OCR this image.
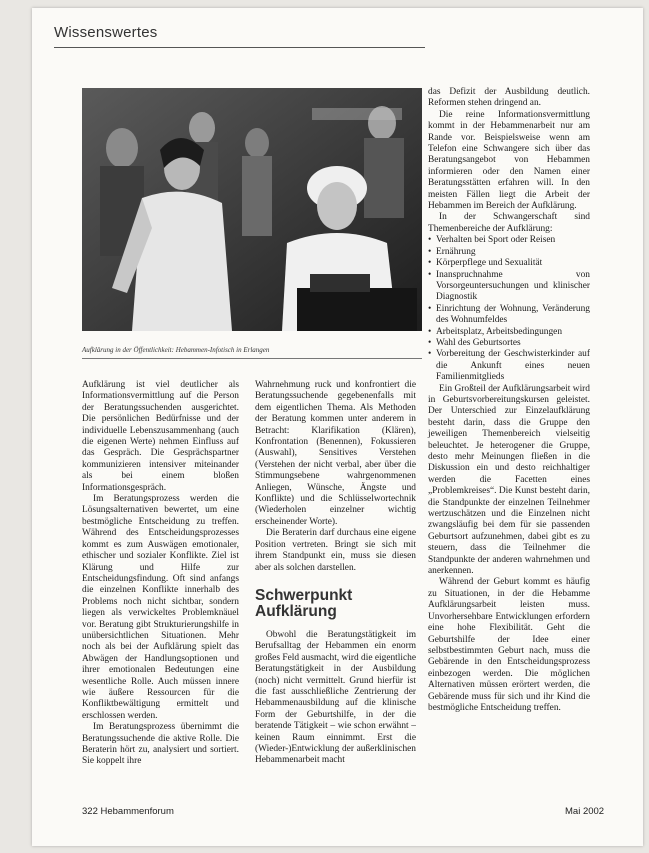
Wissenswertes
Aufklärung in der Öffentlichkeit: Hebammen-Infotisch in Erlangen

Aufklärung ist viel deutlicher als Informationsvermittlung auf die Person der Beratungssuchenden ausgerichtet. Die persönlichen Bedürfnisse und der individuelle Lebenszusammenhang (auch die eigenen Werte) nehmen Einfluss auf das Gespräch. Die Gesprächspartner kommunizieren intensiver miteinander als bei einem bloßen Informationsgespräch.

Im Beratungsprozess werden die Lösungsalternativen bewertet, um eine bestmögliche Entscheidung zu treffen. Während des Entscheidungsprozesses kommt es zum Auswägen emotionaler, ethischer und sozialer Konflikte. Ziel ist Klärung und Hilfe zur Entscheidungsfindung. Oft sind anfangs die einzelnen Konflikte innerhalb des Problems noch nicht sichtbar, sondern liegen als verwickeltes Problemknäuel vor. Beratung gibt Strukturierungshilfe in unübersichtlichen Situationen. Mehr noch als bei der Aufklärung spielt das Abwägen der Handlungsoptionen und ihrer emotionalen Bedeutungen eine wesentliche Rolle. Auch müssen innere wie äußere Ressourcen für die Konfliktbewältigung ermittelt und erschlossen werden.

Im Beratungsprozess übernimmt die Beratungssuchende die aktive Rolle. Die Beraterin hört zu, analysiert und sortiert. Sie koppelt ihre

Wahrnehmung ruck und konfrontiert die Beratungssuchende gegebenenfalls mit dem eigentlichen Thema. Als Methoden der Beratung kommen unter anderem in Betracht: Klarifikation (Klären), Konfrontation (Benennen), Fokussieren (Auswahl), Sensitives Verstehen (Verstehen der nicht verbal, aber über die Stimmungsebene wahrgenommenen Anliegen, Wünsche, Ängste und Konflikte) und die Schlüsselwortechnik (Wiederholen einzelner wichtig erscheinender Worte).

Die Beraterin darf durchaus eine eigene Position vertreten. Bringt sie sich mit ihrem Standpunkt ein, muss sie diesen aber als solchen darstellen.

Schwerpunkt
Aufklärung

Obwohl die Beratungstätigkeit im Berufsalltag der Hebammen ein enorm großes Feld ausmacht, wird die eigentliche Beratungstätigkeit in der Ausbildung (noch) nicht vermittelt. Grund hierfür ist die fast ausschließliche Zentrierung der Hebammenausbildung auf die klinische Form der Geburtshilfe, in der die beratende Tätigkeit – wie schon erwähnt – keinen Raum einnimmt. Erst die (Wieder-)Entwicklung der außerklinischen Hebammenarbeit macht

das Defizit der Ausbildung deutlich. Reformen stehen dringend an.

Die reine Informationsvermittlung kommt in der Hebammenarbeit nur am Rande vor. Beispielsweise wenn am Telefon eine Schwangere sich über das Beratungsangebot von Hebammen informieren oder den Namen einer Beratungsstätten erfahren will. In den meisten Fällen liegt die Arbeit der Hebammen im Bereich der Aufklärung.

In der Schwangerschaft sind Themenbereiche der Aufklärung:

• Verhalten bei Sport oder Reisen
• Ernährung
• Körperpflege und Sexualität
• Inanspruchnahme von Vorsorgeuntersuchungen und klinischer Diagnostik
• Einrichtung der Wohnung, Veränderung des Wohnumfeldes
• Arbeitsplatz, Arbeitsbedingungen
• Wahl des Geburtsortes
• Vorbereitung der Geschwisterkinder auf die Ankunft eines neuen Familienmitglieds

Ein Großteil der Aufklärungsarbeit wird in Geburtsvorbereitungskursen geleistet. Der Unterschied zur Einzelaufklärung besteht darin, dass die Gruppe den jeweiligen Themenbereich vielseitig beleuchtet. Je heterogener die Gruppe, desto mehr Meinungen fließen in die Diskussion ein und desto reichhaltiger werden die Facetten eines „Problemkreises“. Die Kunst besteht darin, die Standpunkte der einzelnen Teilnehmer wertzuschätzen und die Einzelnen nicht zwangsläufig bei dem für sie passenden Geburtsort aufzunehmen, dabei gibt es zu steuern, dass die Teilnehmer die Standpunkte der anderen wahrnehmen und anerkennen.

Während der Geburt kommt es häufig zu Situationen, in der die Hebamme Aufklärungsarbeit leisten muss. Unvorhersehbare Entwicklungen erfordern eine hohe Flexibilität. Geht die Geburtshilfe der Idee einer selbstbestimmten Geburt nach, muss die Gebärende in den Entscheidungsprozess einbezogen werden. Die möglichen Alternativen müssen erörtert werden, die Gebärende muss für sich und ihr Kind die bestmögliche Entscheidung treffen.

322 Hebammenforum	Mai 2002
